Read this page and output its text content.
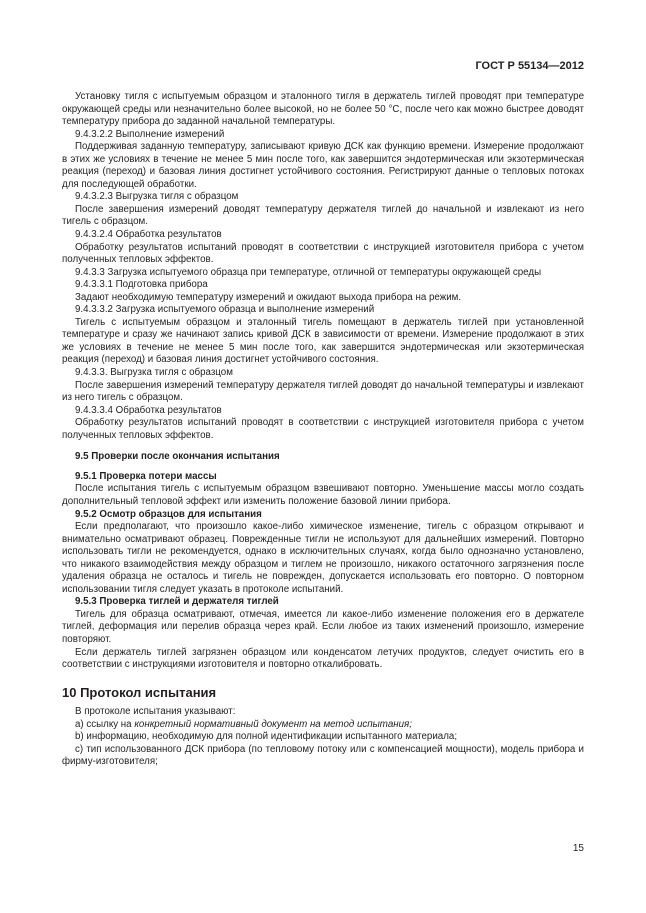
ГОСТ Р 55134—2012

Установку тигля с испытуемым образцом и эталонного тигля в держатель тиглей проводят при температуре окружающей среды или незначительно более высокой, но не более 50 °C, после чего как можно быстрее доводят температуру прибора до заданной начальной температуры.

9.4.3.2.2 Выполнение измерений

Поддерживая заданную температуру, записывают кривую ДСК как функцию времени. Измерение продолжают в этих же условиях в течение не менее 5 мин после того, как завершится эндотермическая или экзотермическая реакция (переход) и базовая линия достигнет устойчивого состояния. Регистрируют данные о тепловых потоках для последующей обработки.

9.4.3.2.3 Выгрузка тигля с образцом

После завершения измерений доводят температуру держателя тиглей до начальной и извлекают из него тигель с образцом.

9.4.3.2.4 Обработка результатов

Обработку результатов испытаний проводят в соответствии с инструкцией изготовителя прибора с учетом полученных тепловых эффектов.

9.4.3.3 Загрузка испытуемого образца при температуре, отличной от температуры окружающей среды

9.4.3.3.1 Подготовка прибора

Задают необходимую температуру измерений и ожидают выхода прибора на режим.

9.4.3.3.2 Загрузка испытуемого образца и выполнение измерений

Тигель с испытуемым образцом и эталонный тигель помещают в держатель тиглей при установленной температуре и сразу же начинают запись кривой ДСК в зависимости от времени. Измерение продолжают в этих же условиях в течение не менее 5 мин после того, как завершится эндотермическая или экзотермическая реакция (переход) и базовая линия достигнет устойчивого состояния.

9.4.3.3. Выгрузка тигля с образцом

После завершения измерений температуру держателя тиглей доводят до начальной температуры и извлекают из него тигель с образцом.

9.4.3.3.4 Обработка результатов

Обработку результатов испытаний проводят в соответствии с инструкцией изготовителя прибора с учетом полученных тепловых эффектов.

9.5 Проверки после окончания испытания

9.5.1 Проверка потери массы

После испытания тигель с испытуемым образцом взвешивают повторно. Уменьшение массы могло создать дополнительный тепловой эффект или изменить положение базовой линии прибора.

9.5.2 Осмотр образцов для испытания

Если предполагают, что произошло какое-либо химическое изменение, тигель с образцом открывают и внимательно осматривают образец. Поврежденные тигли не используют для дальнейших измерений. Повторно использовать тигли не рекомендуется, однако в исключительных случаях, когда было однозначно установлено, что никакого взаимодействия между образцом и тиглем не произошло, никакого остаточного загрязнения после удаления образца не осталось и тигель не поврежден, допускается использовать его повторно. О повторном использовании тигля следует указать в протоколе испытаний.

9.5.3 Проверка тиглей и держателя тиглей

Тигель для образца осматривают, отмечая, имеется ли какое-либо изменение положения его в держателе тиглей, деформация или перелив образца через край. Если любое из таких изменений произошло, измерение повторяют.

Если держатель тиглей загрязнен образцом или конденсатом летучих продуктов, следует очистить его в соответствии с инструкциями изготовителя и повторно откалибровать.

10 Протокол испытания

В протоколе испытания указывают:

а) ссылку на конкретный нормативный документ на метод испытания;

b) информацию, необходимую для полной идентификации испытанного материала;

с) тип использованного ДСК прибора (по тепловому потоку или с компенсацией мощности), модель прибора и фирму-изготовителя;

15
